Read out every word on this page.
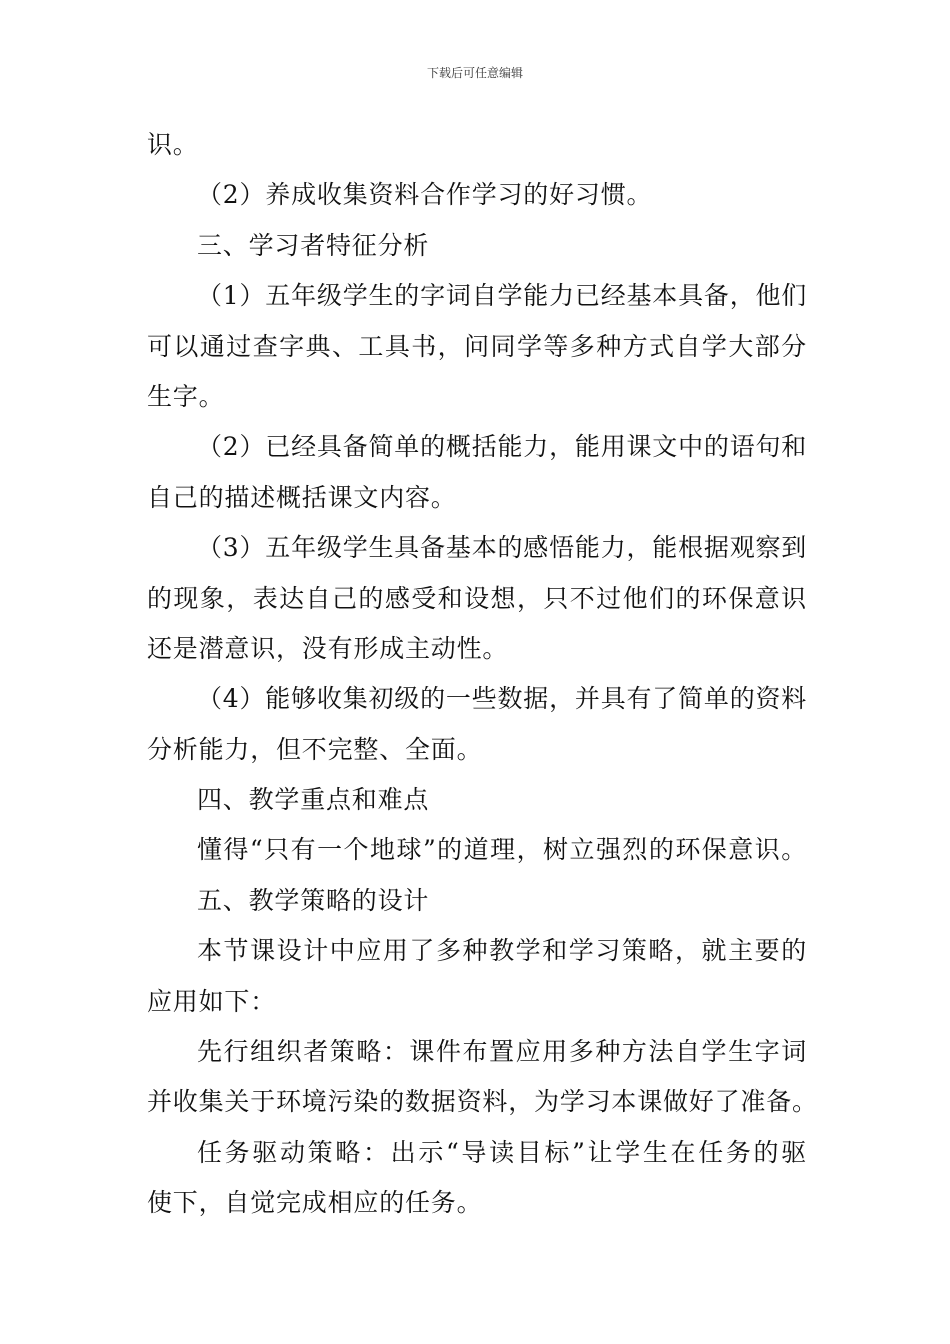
下载后可任意编辑
识。
（2）养成收集资料合作学习的好习惯。
三、学习者特征分析
（1）五年级学生的字词自学能力已经基本具备，他们
可以通过查字典、工具书，问同学等多种方式自学大部分
生字。
（2）已经具备简单的概括能力，能用课文中的语句和
自己的描述概括课文内容。
（3）五年级学生具备基本的感悟能力，能根据观察到
的现象，表达自己的感受和设想，只不过他们的环保意识
还是潜意识，没有形成主动性。
（4）能够收集初级的一些数据，并具有了简单的资料
分析能力，但不完整、全面。
四、教学重点和难点
懂得“只有一个地球”的道理，树立强烈的环保意识。
五、教学策略的设计
本节课设计中应用了多种教学和学习策略，就主要的
应用如下：
先行组织者策略：课件布置应用多种方法自学生字词
并收集关于环境污染的数据资料，为学习本课做好了准备。
任务驱动策略：出示“导读目标”让学生在任务的驱
使下，自觉完成相应的任务。
